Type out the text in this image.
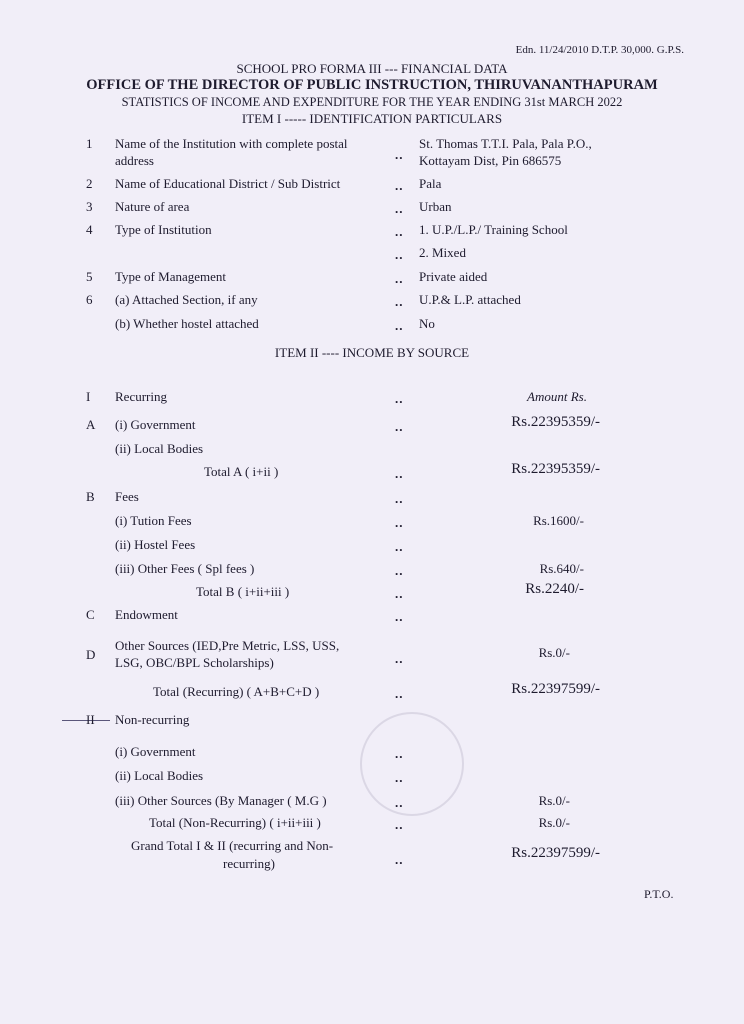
Edn. 11/24/2010 D.T.P. 30,000. G.P.S.
SCHOOL PRO FORMA III --- FINANCIAL DATA
OFFICE OF THE DIRECTOR OF PUBLIC INSTRUCTION, THIRUVANANTHAPURAM
STATISTICS OF INCOME AND EXPENDITURE FOR THE YEAR ENDING 31st MARCH 2022
ITEM I ----- IDENTIFICATION PARTICULARS
1 Name of the Institution with complete postal
address	..
St. Thomas T.T.I. Pala, Pala P.O.,
Kottayam Dist, Pin 686575
2 Name of Educational District / Sub District	.. Pala
3 Nature of area	.. Urban
4 Type of Institution	.. 1. U.P./L.P./ Training School
.. 2. Mixed
5 Type of Management	.. Private aided
6 (a) Attached Section, if any	.. U.P.& L.P. attached
(b) Whether hostel attached	.. No
ITEM II ---- INCOME BY SOURCE
I Recurring	..	Amount Rs.
A (i) Government	..	Rs.22395359/-
(ii) Local Bodies
Total A ( i+ii )	..	Rs.22395359/-
B Fees	..
(i) Tution Fees	..	Rs.1600/-
(ii) Hostel Fees	..
(iii) Other Fees ( Spl fees )	..	Rs.640/-
Total B ( i+ii+iii )	..	Rs.2240/-
C Endowment	..
D
Other Sources (IED,Pre Metric, LSS, USS,
LSG, OBC/BPL Scholarships)	..	Rs.0/-
Total (Recurring) ( A+B+C+D )	..	Rs.22397599/-
II Non-recurring
(i) Government	..
(ii) Local Bodies	..
(iii) Other Sources (By Manager ( M.G )	..	Rs.0/-
Total (Non-Recurring) ( i+ii+iii )	..	Rs.0/-
Grand Total I & II (recurring and Non-
recurring)	..	Rs.22397599/-
P.T.O.
